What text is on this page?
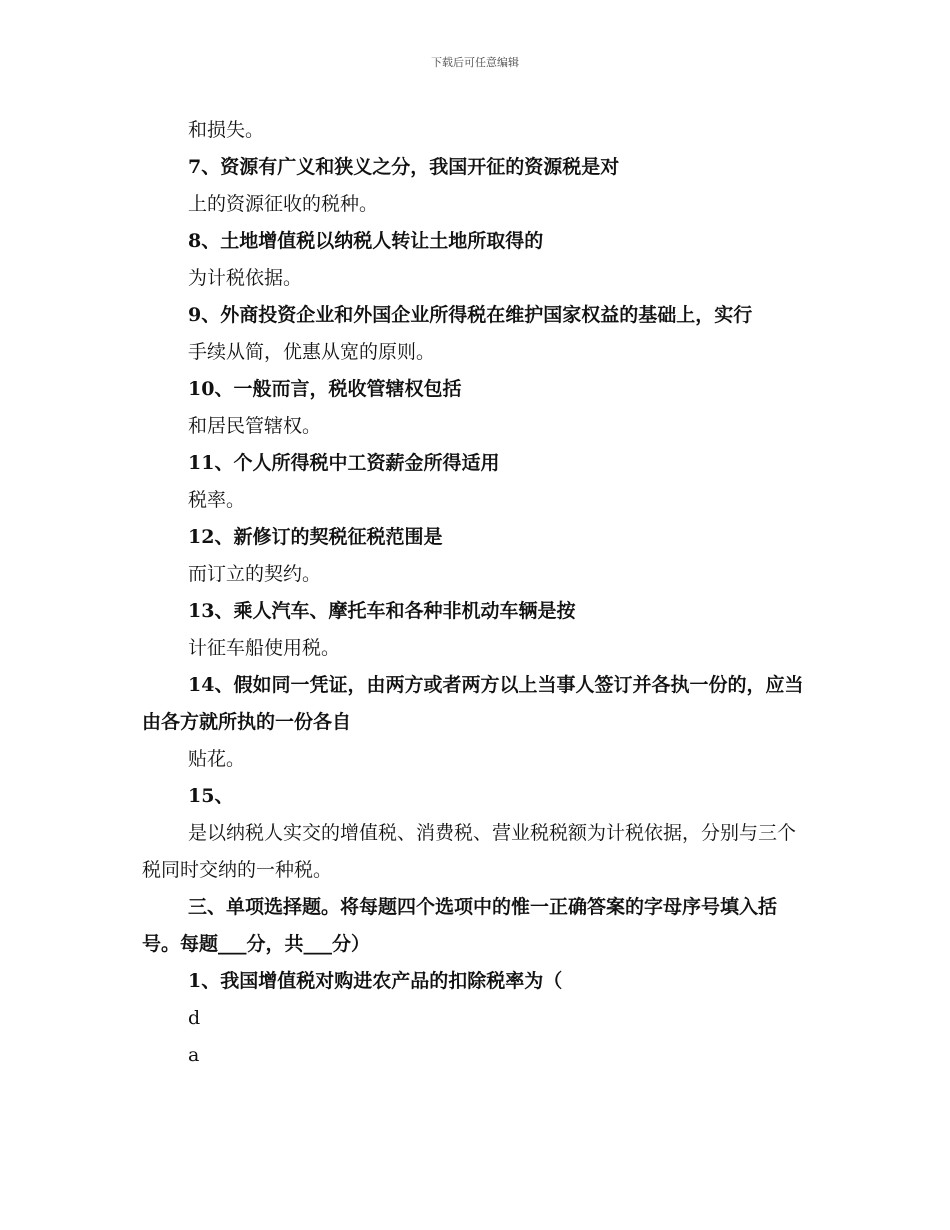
下载后可任意编辑

和损失。

7、资源有广义和狭义之分，我国开征的资源税是对

上的资源征收的税种。

8、土地增值税以纳税人转让土地所取得的

为计税依据。

9、外商投资企业和外国企业所得税在维护国家权益的基础上，实行

手续从简，优惠从宽的原则。

10、一般而言，税收管辖权包括

和居民管辖权。

11、个人所得税中工资薪金所得适用

税率。

12、新修订的契税征税范围是

而订立的契约。

13、乘人汽车、摩托车和各种非机动车辆是按

计征车船使用税。

14、假如同一凭证，由两方或者两方以上当事人签订并各执一份的，应当由各方就所执的一份各自

贴花。

15、

是以纳税人实交的增值税、消费税、营业税税额为计税依据，分别与三个税同时交纳的一种税。

三、单项选择题。将每题四个选项中的惟一正确答案的字母序号填入括号。每题___分，共___分）

1、我国增值税对购进农产品的扣除税率为（

d

a
